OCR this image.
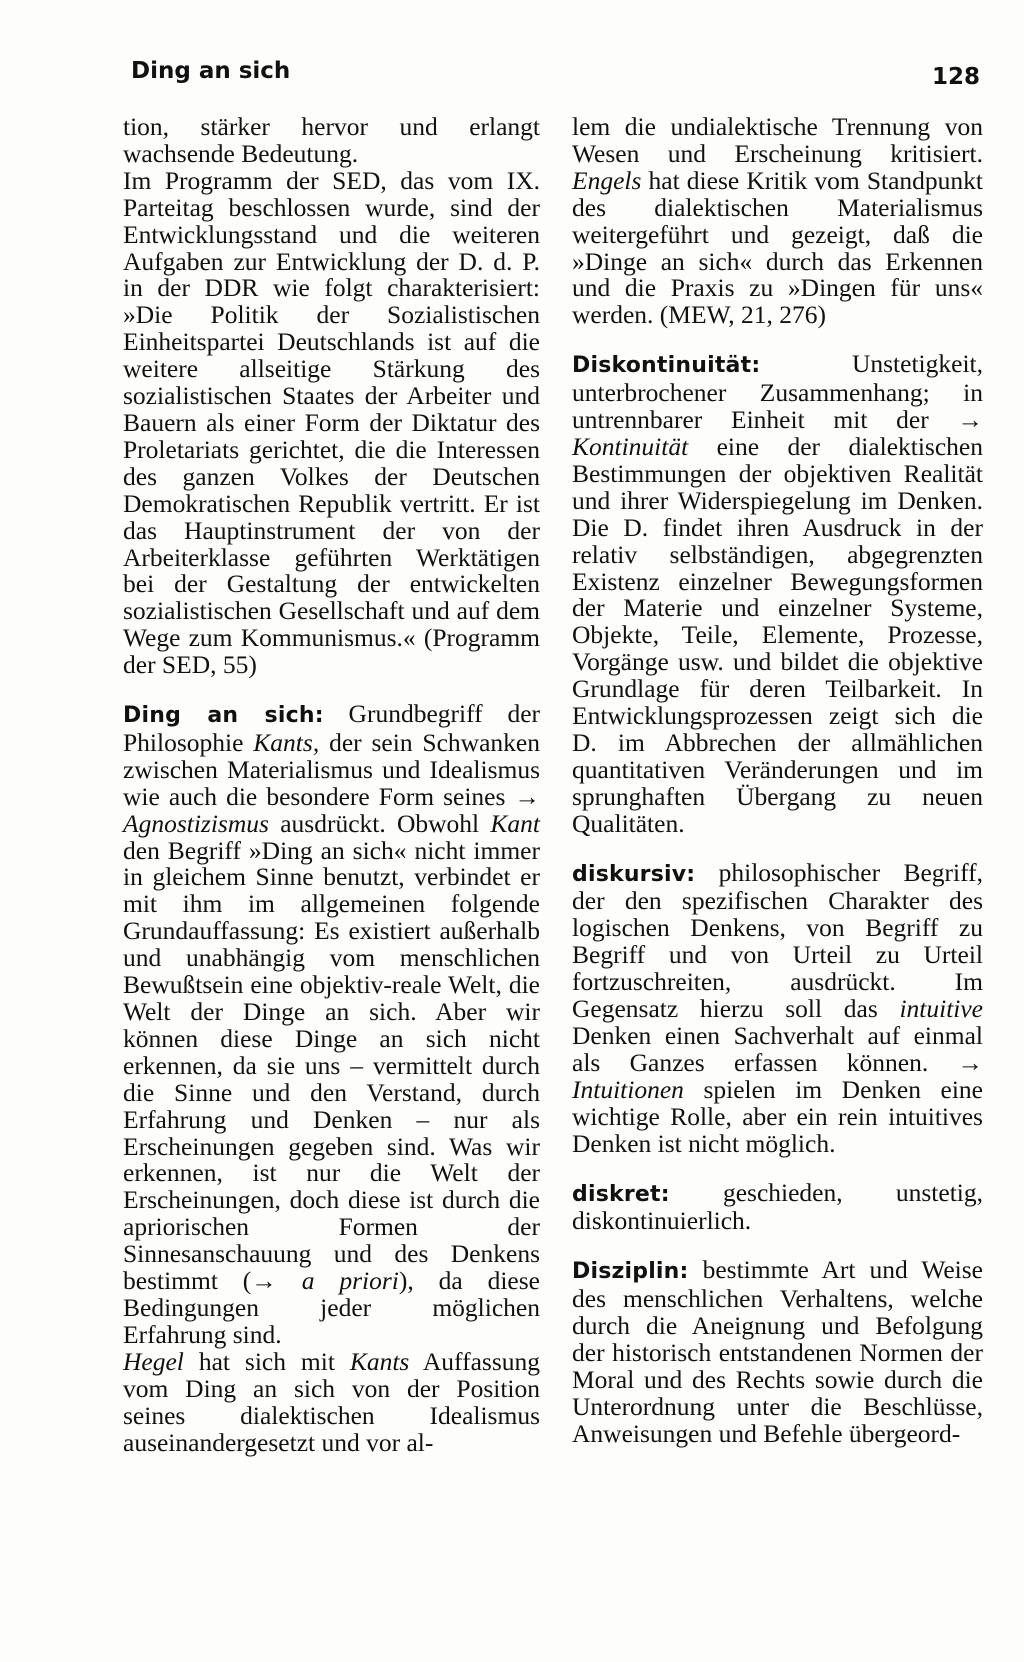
Ding an sich	128

tion, stärker hervor und erlangt wachsende Bedeutung.

Im Programm der SED, das vom IX. Parteitag beschlossen wurde, sind der Entwicklungsstand und die weiteren Aufgaben zur Entwicklung der D. d. P. in der DDR wie folgt charakterisiert: »Die Politik der Sozialistischen Einheitspartei Deutschlands ist auf die weitere allseitige Stärkung des sozialistischen Staates der Arbeiter und Bauern als einer Form der Diktatur des Proletariats gerichtet, die die Interessen des ganzen Volkes der Deutschen Demokratischen Republik vertritt. Er ist das Hauptinstrument der von der Arbeiterklasse geführten Werktätigen bei der Gestaltung der entwickelten sozialistischen Gesellschaft und auf dem Wege zum Kommunismus.« (Programm der SED, 55)

Ding an sich: Grundbegriff der Philosophie Kants, der sein Schwanken zwischen Materialismus und Idealismus wie auch die besondere Form seines → Agnostizismus ausdrückt. Obwohl Kant den Begriff »Ding an sich« nicht immer in gleichem Sinne benutzt, verbindet er mit ihm im allgemeinen folgende Grundauffassung: Es existiert außerhalb und unabhängig vom menschlichen Bewußtsein eine objektiv-reale Welt, die Welt der Dinge an sich. Aber wir können diese Dinge an sich nicht erkennen, da sie uns – vermittelt durch die Sinne und den Verstand, durch Erfahrung und Denken – nur als Erscheinungen gegeben sind. Was wir erkennen, ist nur die Welt der Erscheinungen, doch diese ist durch die apriorischen Formen der Sinnesanschauung und des Denkens bestimmt (→ a priori), da diese Bedingungen jeder möglichen Erfahrung sind.

Hegel hat sich mit Kants Auffassung vom Ding an sich von der Position seines dialektischen Idealismus auseinandergesetzt und vor al-

lem die undialektische Trennung von Wesen und Erscheinung kritisiert. Engels hat diese Kritik vom Standpunkt des dialektischen Materialismus weitergeführt und gezeigt, daß die »Dinge an sich« durch das Erkennen und die Praxis zu »Dingen für uns« werden. (MEW, 21, 276)

Diskontinuität: Unstetigkeit, unterbrochener Zusammenhang; in untrennbarer Einheit mit der → Kontinuität eine der dialektischen Bestimmungen der objektiven Realität und ihrer Widerspiegelung im Denken. Die D. findet ihren Ausdruck in der relativ selbständigen, abgegrenzten Existenz einzelner Bewegungsformen der Materie und einzelner Systeme, Objekte, Teile, Elemente, Prozesse, Vorgänge usw. und bildet die objektive Grundlage für deren Teilbarkeit. In Entwicklungsprozessen zeigt sich die D. im Abbrechen der allmählichen quantitativen Veränderungen und im sprunghaften Übergang zu neuen Qualitäten.

diskursiv: philosophischer Begriff, der den spezifischen Charakter des logischen Denkens, von Begriff zu Begriff und von Urteil zu Urteil fortzuschreiten, ausdrückt. Im Gegensatz hierzu soll das intuitive Denken einen Sachverhalt auf einmal als Ganzes erfassen können. → Intuitionen spielen im Denken eine wichtige Rolle, aber ein rein intuitives Denken ist nicht möglich.

diskret: geschieden, unstetig, diskontinuierlich.

Disziplin: bestimmte Art und Weise des menschlichen Verhaltens, welche durch die Aneignung und Befolgung der historisch entstandenen Normen der Moral und des Rechts sowie durch die Unterordnung unter die Beschlüsse, Anweisungen und Befehle übergeord-
